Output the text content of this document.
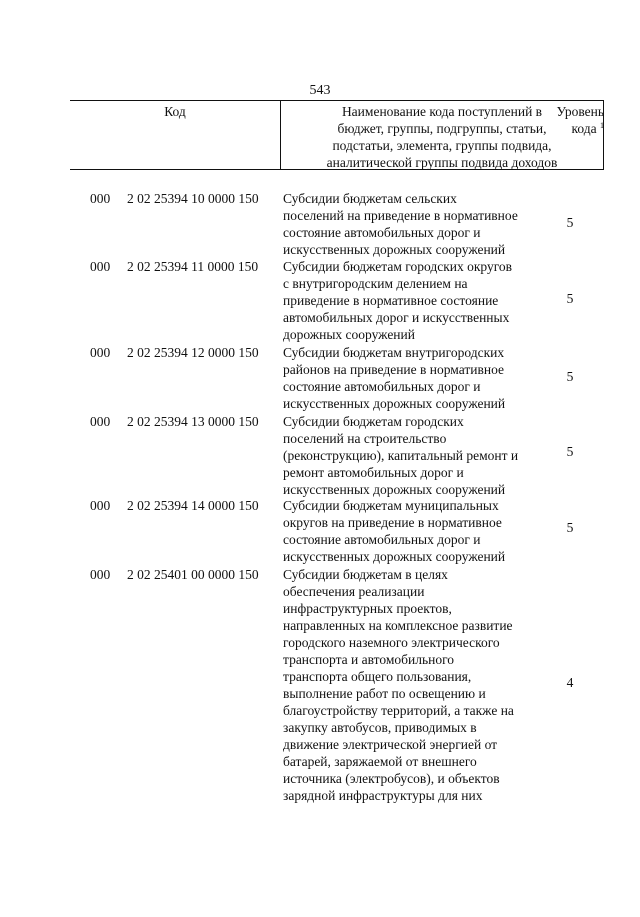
543
Код	Наименование кода поступлений в
бюджет, группы, подгруппы, статьи,
подстатьи, элемента, группы подвида,
аналитической группы подвида доходов
Уровень
кода $^1$
000 2 02 25394 10 0000 150 Субсидии бюджетам сельских
поселений на приведение в нормативное
состояние автомобильных дорог и
искусственных дорожных сооружений
5
000 2 02 25394 11 0000 150 Субсидии бюджетам городских округов
с внутригородским делением на
приведение в нормативное состояние
автомобильных дорог и искусственных
дорожных сооружений
5
000 2 02 25394 12 0000 150 Субсидии бюджетам внутригородских
районов на приведение в нормативное
состояние автомобильных дорог и
искусственных дорожных сооружений
5
000 2 02 25394 13 0000 150 Субсидии бюджетам городских
поселений на строительство
(реконструкцию), капитальный ремонт и
ремонт автомобильных дорог и
искусственных дорожных сооружений
5
000 2 02 25394 14 0000 150 Субсидии бюджетам муниципальных
округов на приведение в нормативное
состояние автомобильных дорог и
искусственных дорожных сооружений
5
000 2 02 25401 00 0000 150 Субсидии бюджетам в целях
обеспечения реализации
инфраструктурных проектов,
направленных на комплексное развитие
городского наземного электрического
транспорта и автомобильного
транспорта общего пользования,
выполнение работ по освещению и
благоустройству территорий, а также на
закупку автобусов, приводимых в
движение электрической энергией от
батарей, заряжаемой от внешнего
источника (электробусов), и объектов
зарядной инфраструктуры для них
4
